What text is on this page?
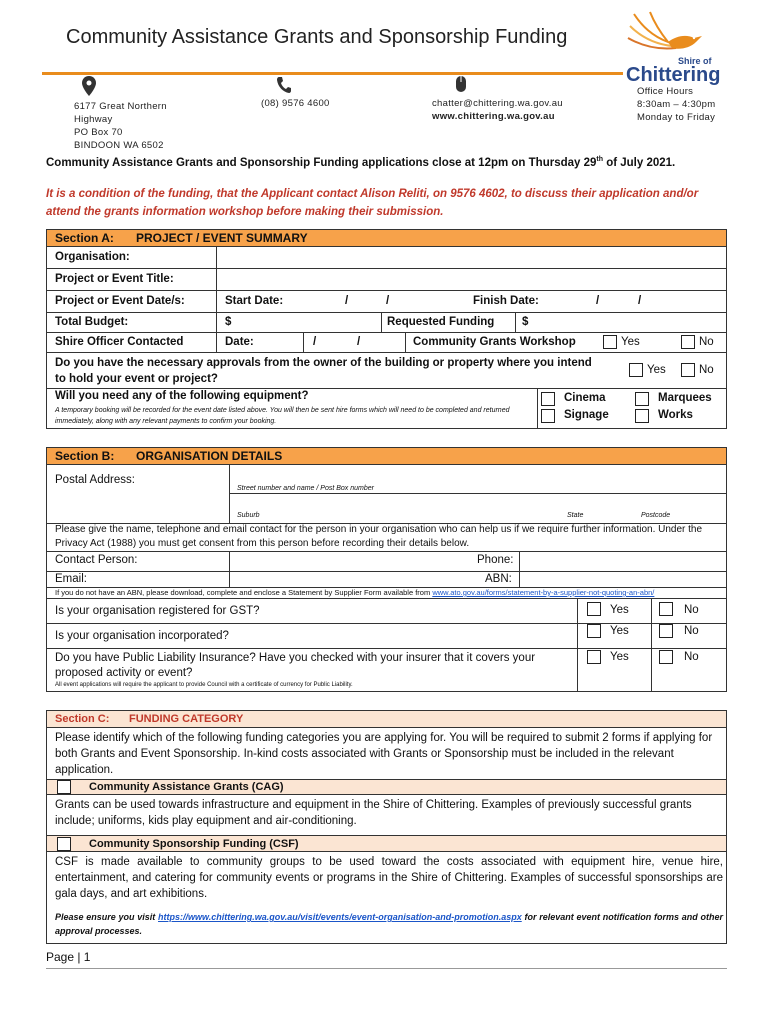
Community Assistance Grants and Sponsorship Funding
Shire of
Chittering
6177 Great Northern
Highway
PO Box 70
BINDOON WA 6502
(08) 9576 4600	chatter@chittering.wa.gov.au
www.chittering.wa.gov.au
Office Hours
8:30am – 4:30pm
Monday to Friday
Community Assistance Grants and Sponsorship Funding applications close at 12pm on Thursday 29th of July 2021.
It is a condition of the funding, that the Applicant contact Alison Reliti, on 9576 4602, to discuss their application and/or attend the grants information workshop before making their submission.
Section A: PROJECT / EVENT SUMMARY
Organisation:
Project or Event Title:
Project or Event Date/s:	Start Date:	/	/	Finish Date:	/	/
Total Budget:	$	Requested Funding $
Shire Officer Contacted	Date:	/	/	Community Grants Workshop	Yes	No
Do you have the necessary approvals from the owner of the building or property where you intend to hold your event or project?
Yes	No
Will you need any of the following equipment?
A temporary booking will be recorded for the event date listed above. You will then be sent hire forms which will need to be completed and returned immediately, along with any relevant payments to confirm your booking.
Cinema
Signage
Marquees
Works
Section B: ORGANISATION DETAILS
Postal Address:
Street number and name / Post Box number
Suburb	State	Postcode
Please give the name, telephone and email contact for the person in your organisation who can help us if we require further information. Under the Privacy Act (1988) you must get consent from this person before recording their details below.
Contact Person:	Phone:
Email:	ABN:
If you do not have an ABN, please download, complete and enclose a Statement by Supplier Form available from www.ato.gov.au/forms/statement-by-a-supplier-not-quoting-an-abn/
Is your organisation registered for GST?	Yes	No
Is your organisation incorporated?	Yes	No
Do you have Public Liability Insurance? Have you checked with your insurer that it covers your proposed activity or event?
All event applications will require the applicant to provide Council with a certificate of currency for Public Liability.
Yes	No
Section C: FUNDING CATEGORY
Please identify which of the following funding categories you are applying for. You will be required to submit 2 forms if applying for both Grants and Event Sponsorship. In-kind costs associated with Grants or Sponsorship must be included in the relevant application.
Community Assistance Grants (CAG)
Grants can be used towards infrastructure and equipment in the Shire of Chittering. Examples of previously successful grants include; uniforms, kids play equipment and air-conditioning.
Community Sponsorship Funding (CSF)
CSF is made available to community groups to be used toward the costs associated with equipment hire, venue hire, entertainment, and catering for community events or programs in the Shire of Chittering. Examples of successful sponsorships are gala days, and art exhibitions.
Please ensure you visit https://www.chittering.wa.gov.au/visit/events/event-organisation-and-promotion.aspx for relevant event notification forms and other approval processes.
Page | 1
